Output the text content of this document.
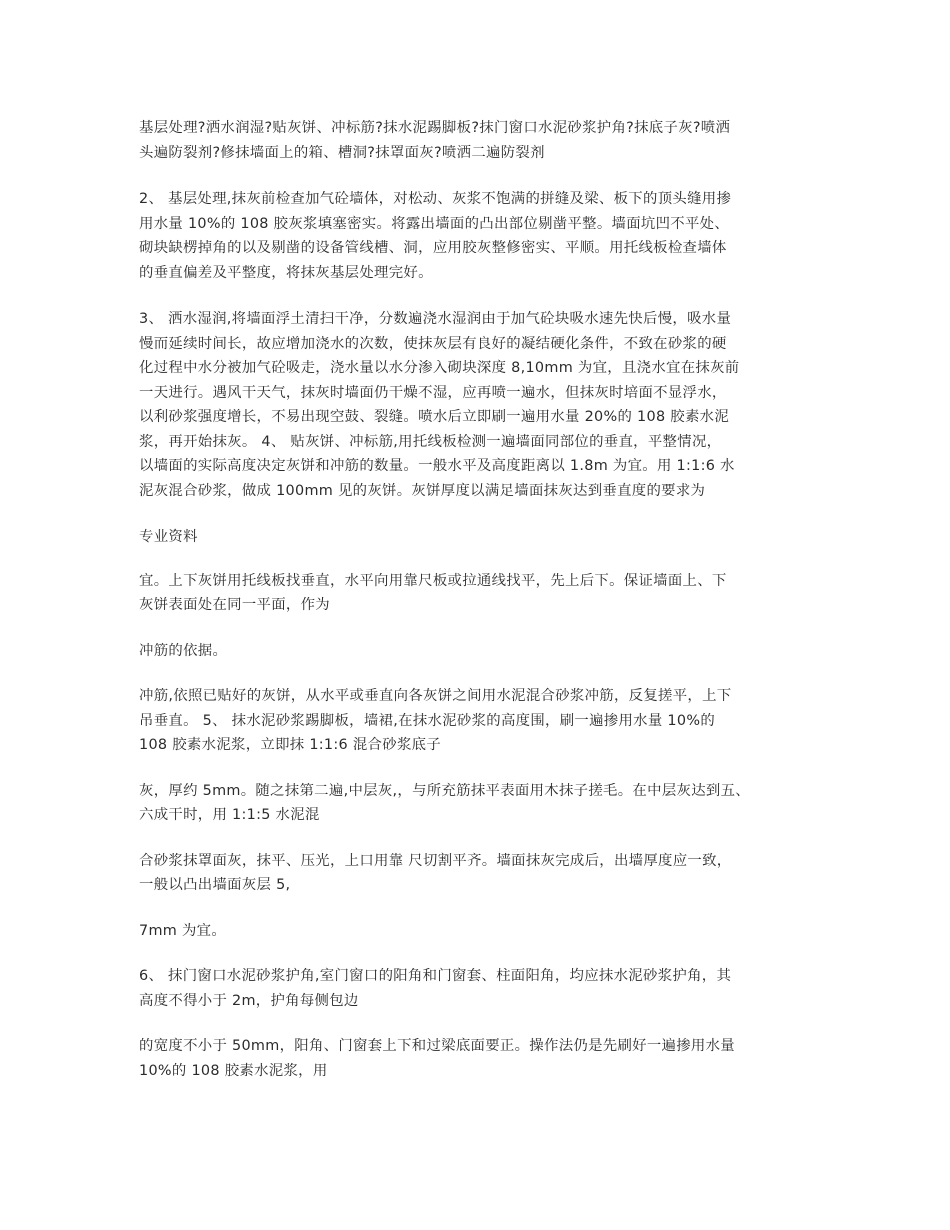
基层处理?洒水润湿?贴灰饼、冲标筋?抹水泥踢脚板?抹门窗口水泥砂浆护角?抹底子灰?喷洒
头遍防裂剂?修抹墙面上的箱、槽洞?抹罩面灰?喷洒二遍防裂剂

2、 基层处理,抹灰前检查加气砼墙体，对松动、灰浆不饱满的拼缝及梁、板下的顶头缝用掺
用水量 10%的 108 胶灰浆填塞密实。将露出墙面的凸出部位剔凿平整。墙面坑凹不平处、
砌块缺楞掉角的以及剔凿的设备管线槽、洞，应用胶灰整修密实、平顺。用托线板检查墙体
的垂直偏差及平整度，将抹灰基层处理完好。

3、 洒水湿润,将墙面浮土清扫干净，分数遍浇水湿润由于加气砼块吸水速先快后慢，吸水量
慢而延续时间长，故应增加浇水的次数，使抹灰层有良好的凝结硬化条件，不致在砂浆的硬
化过程中水分被加气砼吸走，浇水量以水分渗入砌块深度 8,10mm 为宜，且浇水宜在抹灰前
一天进行。遇风干天气，抹灰时墙面仍干燥不湿，应再喷一遍水，但抹灰时培面不显浮水，
以利砂浆强度增长，不易出现空鼓、裂缝。喷水后立即刷一遍用水量 20%的 108 胶素水泥
浆，再开始抹灰。 4、 贴灰饼、冲标筋,用托线板检测一遍墙面同部位的垂直，平整情况，
以墙面的实际高度决定灰饼和冲筋的数量。一般水平及高度距离以 1.8m 为宜。用 1:1:6 水
泥灰混合砂浆，做成 100mm 见的灰饼。灰饼厚度以满足墙面抹灰达到垂直度的要求为

专业资料

宜。上下灰饼用托线板找垂直，水平向用靠尺板或拉通线找平，先上后下。保证墙面上、下
灰饼表面处在同一平面，作为

冲筋的依据。

冲筋,依照已贴好的灰饼，从水平或垂直向各灰饼之间用水泥混合砂浆冲筋，反复搓平，上下
吊垂直。 5、 抹水泥砂浆踢脚板，墙裙,在抹水泥砂浆的高度围，刷一遍掺用水量 10%的
108 胶素水泥浆，立即抹 1:1:6 混合砂浆底子

灰，厚约 5mm。随之抹第二遍,中层灰,，与所充筋抹平表面用木抹子搓毛。在中层灰达到五、
六成干时，用 1:1:5 水泥混

合砂浆抹罩面灰，抹平、压光，上口用靠 尺切割平齐。墙面抹灰完成后，出墙厚度应一致，
一般以凸出墙面灰层 5,

7mm 为宜。

6、 抹门窗口水泥砂浆护角,室门窗口的阳角和门窗套、柱面阳角，均应抹水泥砂浆护角，其
高度不得小于 2m，护角每侧包边

的宽度不小于 50mm，阳角、门窗套上下和过梁底面要正。操作法仍是先刷好一遍掺用水量
10%的 108 胶素水泥浆，用
